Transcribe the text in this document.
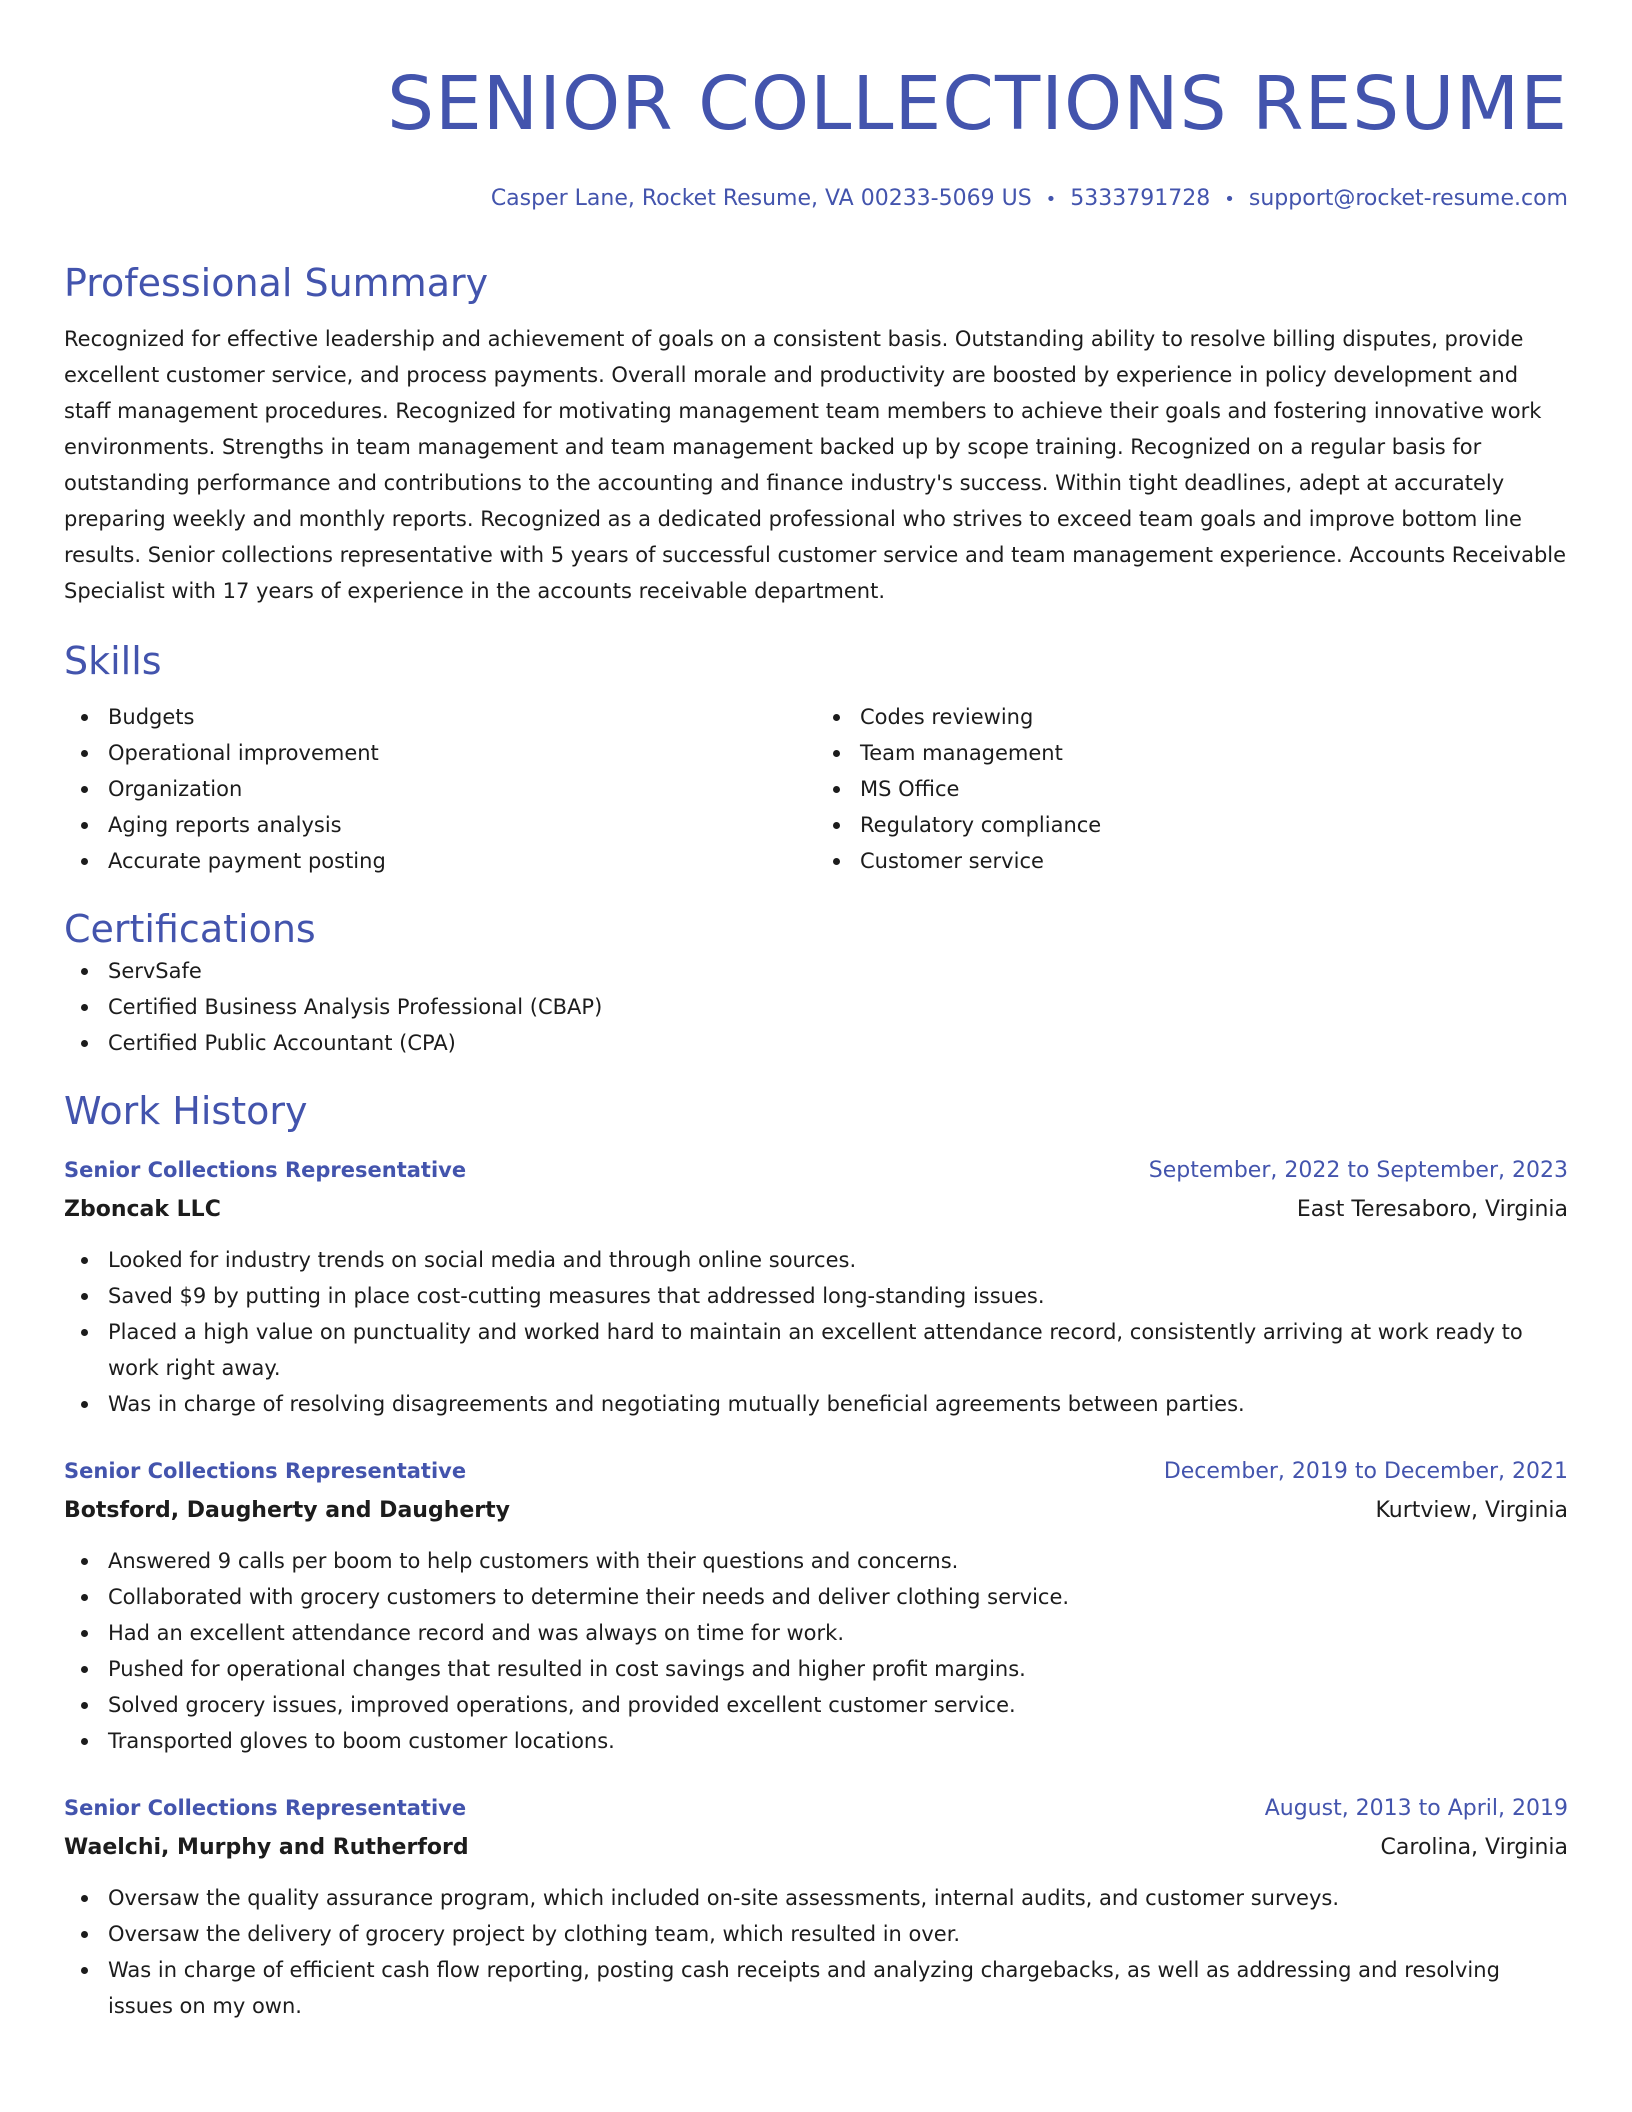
SENIOR COLLECTIONS RESUME
Casper Lane, Rocket Resume, VA 00233-5069 US • 5333791728 • support@rocket-resume.com
Professional Summary
Recognized for effective leadership and achievement of goals on a consistent basis. Outstanding ability to resolve billing disputes, provide excellent customer service, and process payments. Overall morale and productivity are boosted by experience in policy development and staff management procedures. Recognized for motivating management team members to achieve their goals and fostering innovative work environments. Strengths in team management and team management backed up by scope training. Recognized on a regular basis for outstanding performance and contributions to the accounting and finance industry's success. Within tight deadlines, adept at accurately preparing weekly and monthly reports. Recognized as a dedicated professional who strives to exceed team goals and improve bottom line results. Senior collections representative with 5 years of successful customer service and team management experience. Accounts Receivable Specialist with 17 years of experience in the accounts receivable department.
Skills
Budgets
Operational improvement
Organization
Aging reports analysis
Accurate payment posting
Codes reviewing
Team management
MS Office
Regulatory compliance
Customer service
Certifications
ServSafe
Certified Business Analysis Professional (CBAP)
Certified Public Accountant (CPA)
Work History
Senior Collections Representative	September, 2022 to September, 2023
Zboncak LLC	East Teresaboro, Virginia
Looked for industry trends on social media and through online sources.
Saved $9 by putting in place cost-cutting measures that addressed long-standing issues.
Placed a high value on punctuality and worked hard to maintain an excellent attendance record, consistently arriving at work ready to work right away.
Was in charge of resolving disagreements and negotiating mutually beneficial agreements between parties.
Senior Collections Representative	December, 2019 to December, 2021
Botsford, Daugherty and Daugherty	Kurtview, Virginia
Answered 9 calls per boom to help customers with their questions and concerns.
Collaborated with grocery customers to determine their needs and deliver clothing service.
Had an excellent attendance record and was always on time for work.
Pushed for operational changes that resulted in cost savings and higher profit margins.
Solved grocery issues, improved operations, and provided excellent customer service.
Transported gloves to boom customer locations.
Senior Collections Representative	August, 2013 to April, 2019
Waelchi, Murphy and Rutherford	Carolina, Virginia
Oversaw the quality assurance program, which included on-site assessments, internal audits, and customer surveys.
Oversaw the delivery of grocery project by clothing team, which resulted in over.
Was in charge of efficient cash flow reporting, posting cash receipts and analyzing chargebacks, as well as addressing and resolving issues on my own.
